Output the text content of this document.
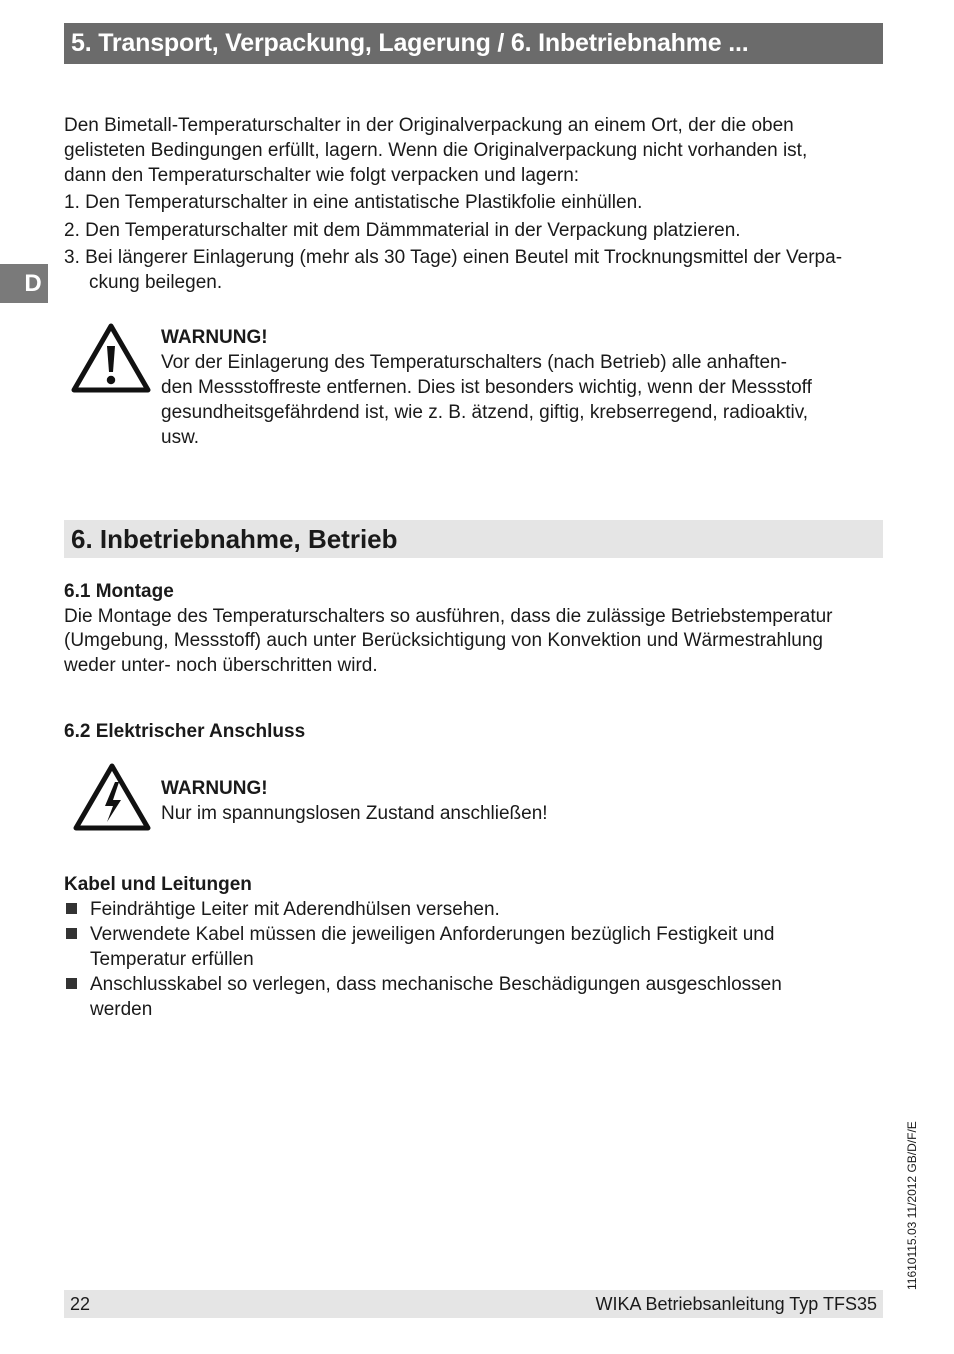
5. Transport, Verpackung, Lagerung / 6. Inbetriebnahme ...
D
Den Bimetall-Temperaturschalter in der Originalverpackung an einem Ort, der die oben
gelisteten Bedingungen erfüllt, lagern. Wenn die Originalverpackung nicht vorhanden ist,
dann den Temperaturschalter wie folgt verpacken und lagern:
1. Den Temperaturschalter in eine antistatische Plastikfolie einhüllen.
2. Den Temperaturschalter mit dem Dämmmaterial in der Verpackung platzieren.
3. Bei längerer Einlagerung (mehr als 30 Tage) einen Beutel mit Trocknungsmittel der Verpa-
ckung beilegen.
WARNUNG!
Vor der Einlagerung des Temperaturschalters (nach Betrieb) alle anhaften-
den Messstoffreste entfernen. Dies ist besonders wichtig, wenn der Messstoff
gesundheitsgefährdend ist, wie z. B. ätzend, giftig, krebserregend, radioaktiv,
usw.
6. Inbetriebnahme, Betrieb
6.1 Montage
Die Montage des Temperaturschalters so ausführen, dass die zulässige Betriebstemperatur
(Umgebung, Messstoff) auch unter Berücksichtigung von Konvektion und Wärmestrahlung
weder unter- noch überschritten wird.
6.2 Elektrischer Anschluss
WARNUNG!
Nur im spannungslosen Zustand anschließen!
Kabel und Leitungen
Feindrähtige Leiter mit Aderendhülsen versehen.
Verwendete Kabel müssen die jeweiligen Anforderungen bezüglich Festigkeit und
Temperatur erfüllen
Anschlusskabel so verlegen, dass mechanische Beschädigungen ausgeschlossen
werden
11610115.03 11/2012 GB/D/F/E
22	WIKA Betriebsanleitung Typ TFS35
